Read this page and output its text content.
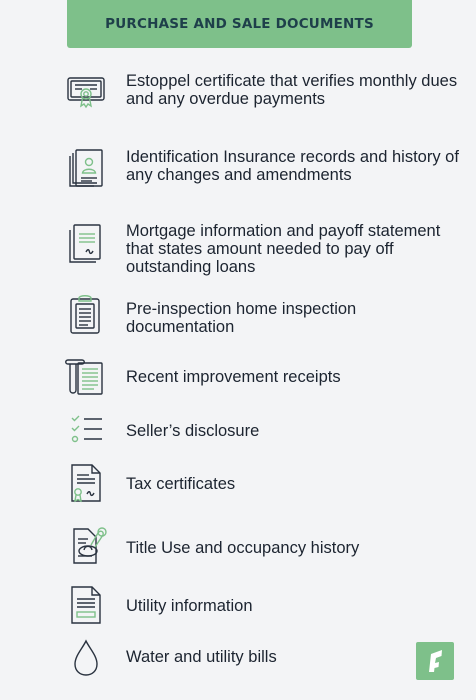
PURCHASE AND SALE DOCUMENTS
Estoppel certificate that verifies monthly dues and any overdue payments
Identification Insurance records and history of any changes and amendments
Mortgage information and payoff statement that states amount needed to pay off outstanding loans
Pre-inspection home inspection documentation
Recent improvement receipts
Seller’s disclosure
Tax certificates
Title Use and occupancy history
Utility information
Water and utility bills
